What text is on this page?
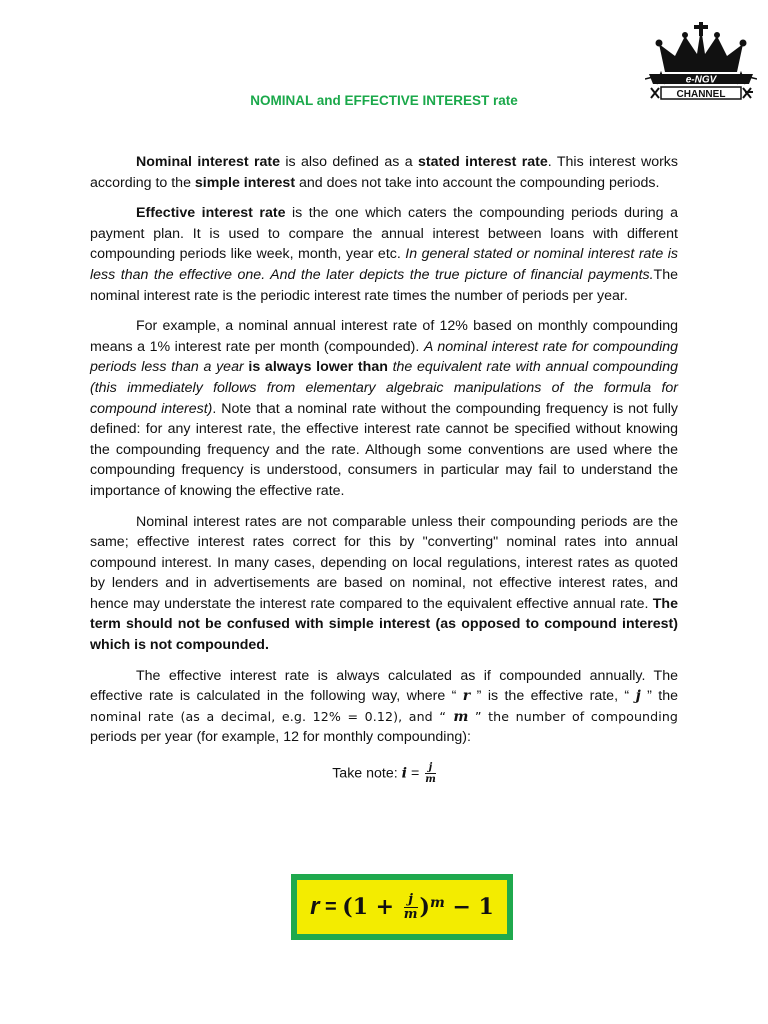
e-NGV
CHANNEL
NOMINAL and EFFECTIVE INTEREST rate

Nominal interest rate is also defined as a stated interest rate. This interest works according to the simple interest and does not take into account the compounding periods.

Effective interest rate is the one which caters the compounding periods during a payment plan. It is used to compare the annual interest between loans with different compounding periods like week, month, year etc. In general stated or nominal interest rate is less than the effective one. And the later depicts the true picture of financial payments.The nominal interest rate is the periodic interest rate times the number of periods per year.

For example, a nominal annual interest rate of 12% based on monthly compounding means a 1% interest rate per month (compounded). A nominal interest rate for compounding periods less than a year is always lower than the equivalent rate with annual compounding (this immediately follows from elementary algebraic manipulations of the formula for compound interest). Note that a nominal rate without the compounding frequency is not fully defined: for any interest rate, the effective interest rate cannot be specified without knowing the compounding frequency and the rate. Although some conventions are used where the compounding frequency is understood, consumers in particular may fail to understand the importance of knowing the effective rate.

Nominal interest rates are not comparable unless their compounding periods are the same; effective interest rates correct for this by "converting" nominal rates into annual compound interest. In many cases, depending on local regulations, interest rates as quoted by lenders and in advertisements are based on nominal, not effective interest rates, and hence may understate the interest rate compared to the equivalent effective annual rate. The term should not be confused with simple interest (as opposed to compound interest) which is not compounded.

The effective interest rate is always calculated as if compounded annually. The effective rate is calculated in the following way, where “ r ” is the effective rate, “ j ” the nominal rate (as a decimal, e.g. 12% = 0.12), and “ m ” the number of compounding periods per year (for example, 12 for monthly compounding):

Take note: $i = \frac{j}{m}$

$r = (1 + \frac{j}{m} )^m - 1$
